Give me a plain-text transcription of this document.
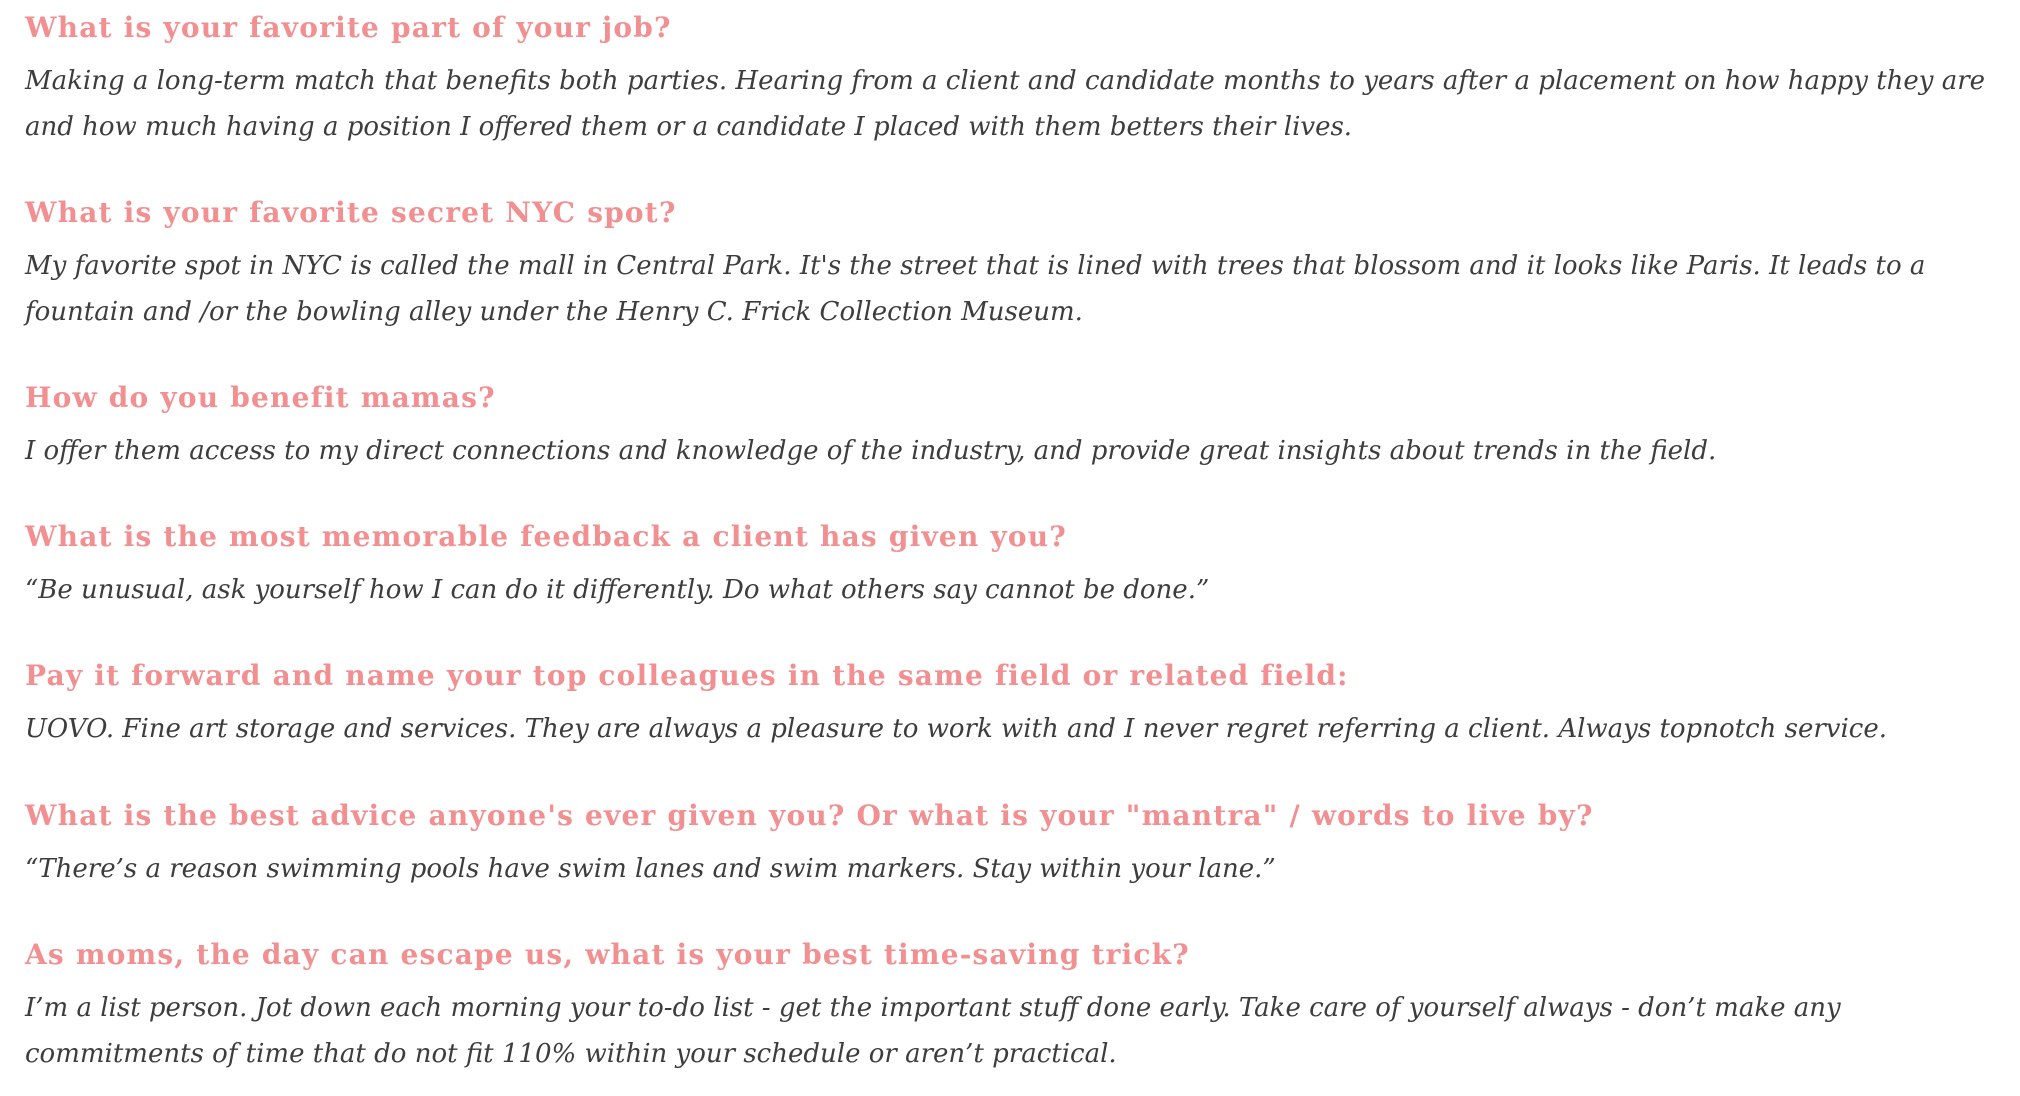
What is your favorite part of your job?

Making a long-term match that benefits both parties. Hearing from a client and candidate months to years after a placement on how happy they are and how much having a position I offered them or a candidate I placed with them betters their lives.

What is your favorite secret NYC spot?

My favorite spot in NYC is called the mall in Central Park. It's the street that is lined with trees that blossom and it looks like Paris. It leads to a fountain and /or the bowling alley under the Henry C. Frick Collection Museum.

How do you benefit mamas?

I offer them access to my direct connections and knowledge of the industry, and provide great insights about trends in the field.

What is the most memorable feedback a client has given you?

“Be unusual, ask yourself how I can do it differently. Do what others say cannot be done.”

Pay it forward and name your top colleagues in the same field or related field:

UOVO. Fine art storage and services. They are always a pleasure to work with and I never regret referring a client. Always topnotch service.

What is the best advice anyone's ever given you? Or what is your "mantra" / words to live by?

“There’s a reason swimming pools have swim lanes and swim markers. Stay within your lane.”

As moms, the day can escape us, what is your best time-saving trick?

I’m a list person. Jot down each morning your to-do list - get the important stuff done early. Take care of yourself always - don’t make any commitments of time that do not fit 110% within your schedule or aren’t practical.
